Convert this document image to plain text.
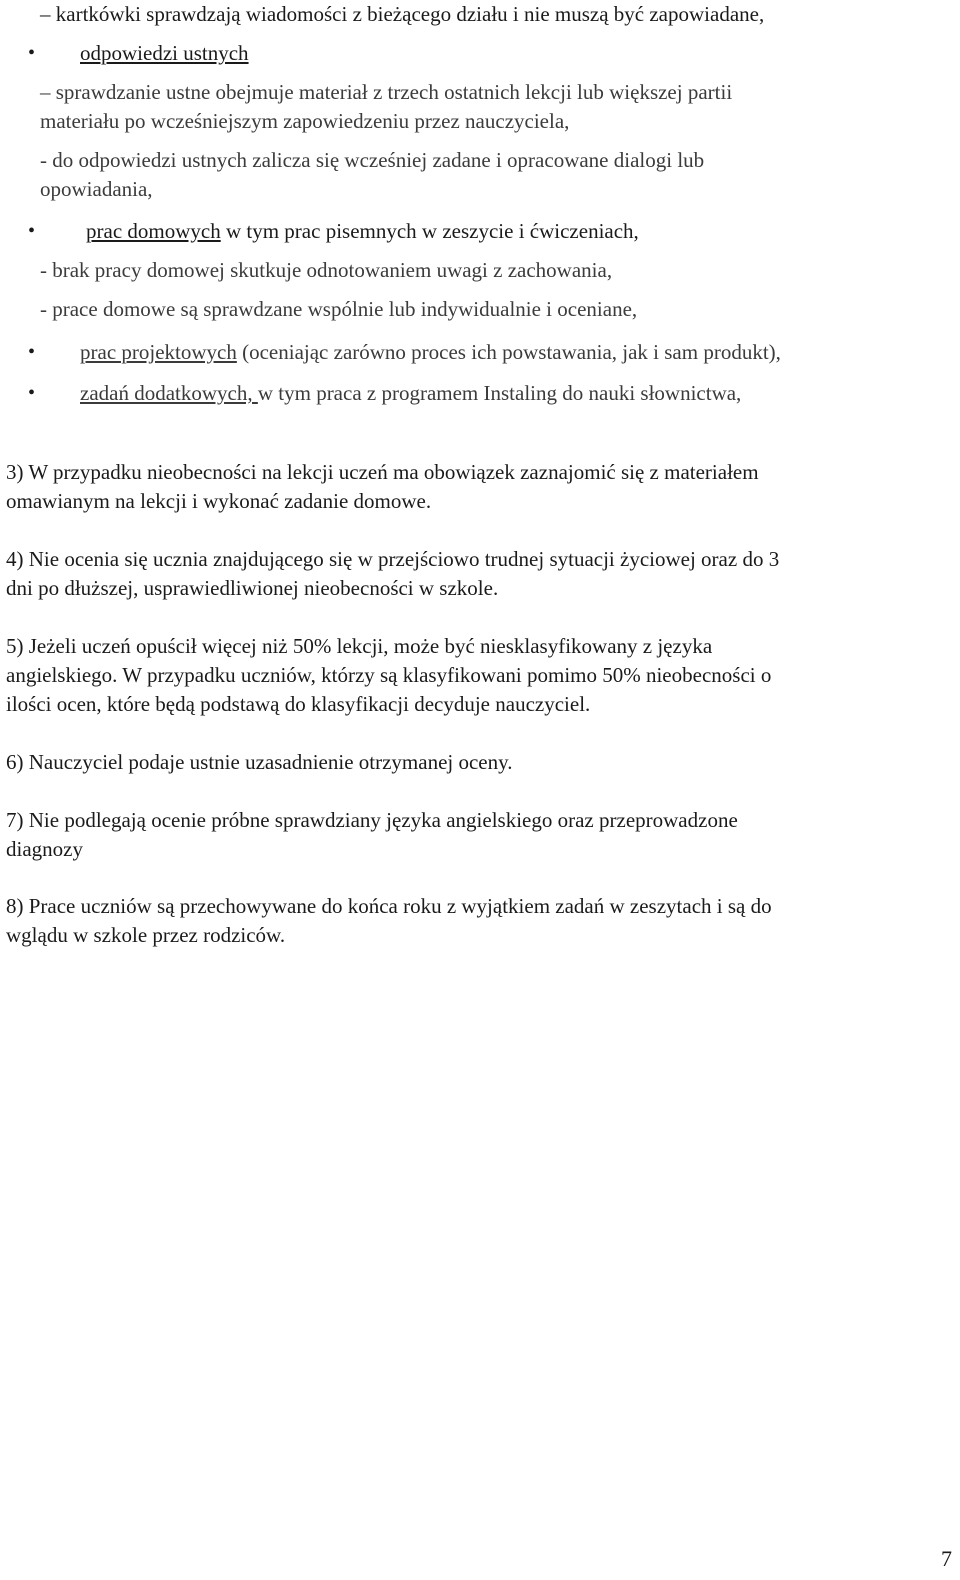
– kartkówki sprawdzają wiadomości z bieżącego działu i nie muszą być zapowiadane,
• odpowiedzi ustnych
– sprawdzanie ustne obejmuje materiał z trzech ostatnich lekcji lub większej partii
materiału po wcześniejszym zapowiedzeniu przez nauczyciela,
- do odpowiedzi ustnych zalicza się wcześniej zadane i opracowane dialogi lub
opowiadania,
• prac domowych w tym prac pisemnych w zeszycie i ćwiczeniach,
- brak pracy domowej skutkuje odnotowaniem uwagi z zachowania,
- prace domowe są sprawdzane wspólnie lub indywidualnie i oceniane,
• prac projektowych (oceniając zarówno proces ich powstawania, jak i sam produkt),
• zadań dodatkowych, w tym praca z programem Instaling do nauki słownictwa,
3) W przypadku nieobecności na lekcji uczeń ma obowiązek zaznajomić się z materiałem
omawianym na lekcji i wykonać zadanie domowe.
4) Nie ocenia się ucznia znajdującego się w przejściowo trudnej sytuacji życiowej oraz do 3
dni po dłuższej, usprawiedliwionej nieobecności w szkole.
5) Jeżeli uczeń opuścił więcej niż 50% lekcji, może być niesklasyfikowany z języka
angielskiego. W przypadku uczniów, którzy są klasyfikowani pomimo 50% nieobecności o
ilości ocen, które będą podstawą do klasyfikacji decyduje nauczyciel.
6) Nauczyciel podaje ustnie uzasadnienie otrzymanej oceny.
7) Nie podlegają ocenie próbne sprawdziany języka angielskiego oraz przeprowadzone
diagnozy
8) Prace uczniów są przechowywane do końca roku z wyjątkiem zadań w zeszytach i są do
wglądu w szkole przez rodziców.
7
